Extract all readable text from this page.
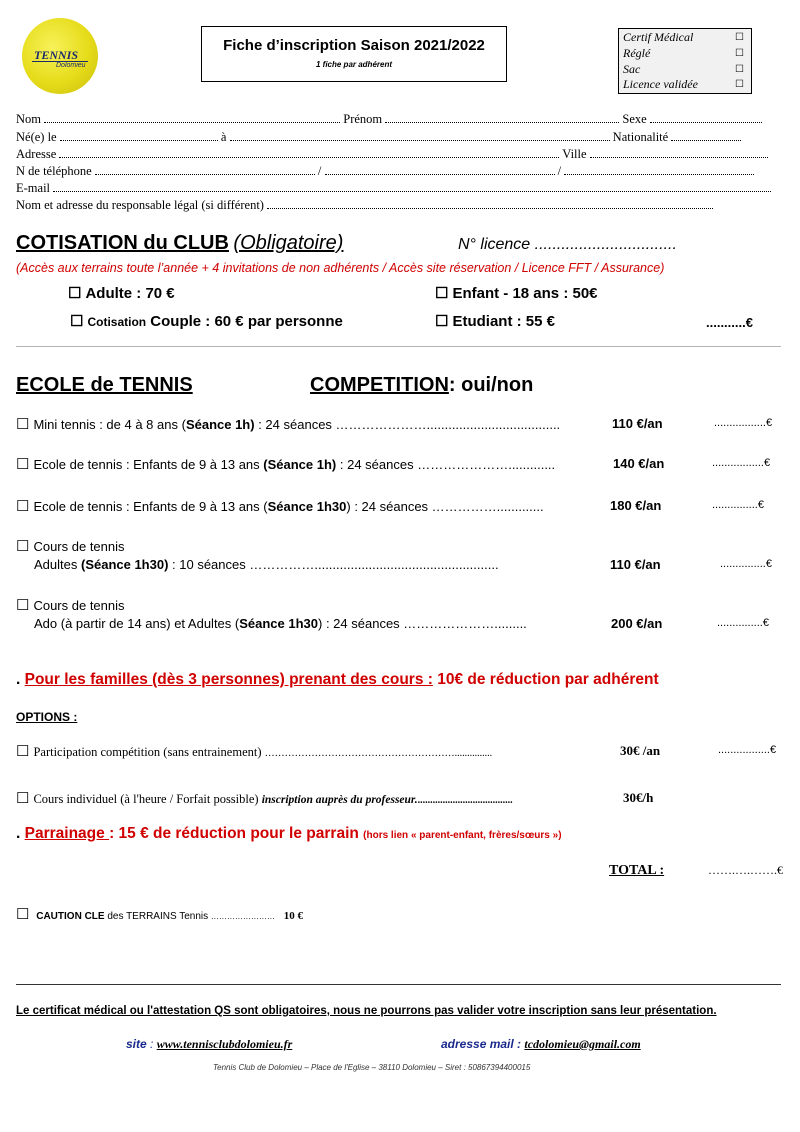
TENNIS
Dolomieu
Fiche d’inscription Saison 2021/2022
1 fiche par adhérent
Certif Médical	☐
Réglé	☐
Sac	☐
Licence validée	☐
Nom	Prénom	Sexe
Né(e) le	à	Nationalité
Adresse	Ville
N de téléphone	/	/
E-mail
Nom et adresse du responsable légal (si différent)
COTISATION du CLUB (Obligatoire)	N° licence ................................
(Accès aux terrains toute l’année + 4 invitations de non adhérents / Accès site réservation / Licence FFT / Assurance)
☐ Adulte : 70 €	☐ Enfant - 18 ans : 50€
☐ Cotisation Couple : 60 € par personne	☐ Etudiant : 55 €	...........€
ECOLE de TENNIS	COMPETITION: oui/non
☐ Mini tennis : de 4 à 8 ans (Séance 1h) : 24 séances ………………….....................................	110 €/an	.................€
☐ Ecole de tennis : Enfants de 9 à 13 ans (Séance 1h) : 24 séances ………………….............	140 €/an	.................€
☐ Ecole de tennis : Enfants de 9 à 13 ans (Séance 1h30) : 24 séances …………….............	180 €/an	...............€
☐ Cours de tennis
Adultes (Séance 1h30) : 10 séances ……………...................................................	110 €/an	...............€
☐ Cours de tennis
Ado (à partir de 14 ans) et Adultes (Séance 1h30) : 24 séances ………………….........	200 €/an	...............€
. Pour les familles (dès 3 personnes) prenant des cours : 10€ de réduction par adhérent
OPTIONS :
☐ Participation compétition (sans entrainement) …………………………………………………...............	30€ /an	.................€
☐ Cours individuel (à l'heure / Forfait possible) inscription auprès du professeur.......................................	30€/h
. Parrainage : 15 € de réduction pour le parrain (hors lien « parent-enfant, frères/sœurs »)
TOTAL :	…….….…….€
☐ CAUTION CLE des TERRAINS Tennis …………………… 10 €
Le certificat médical ou l'attestation QS sont obligatoires, nous ne pourrons pas valider votre inscription sans leur présentation.
site : www.tennisclubdolomieu.fr	adresse mail : tcdolomieu@gmail.com
Tennis Club de Dolomieu – Place de l'Eglise – 38110 Dolomieu – Siret : 50867394400015
